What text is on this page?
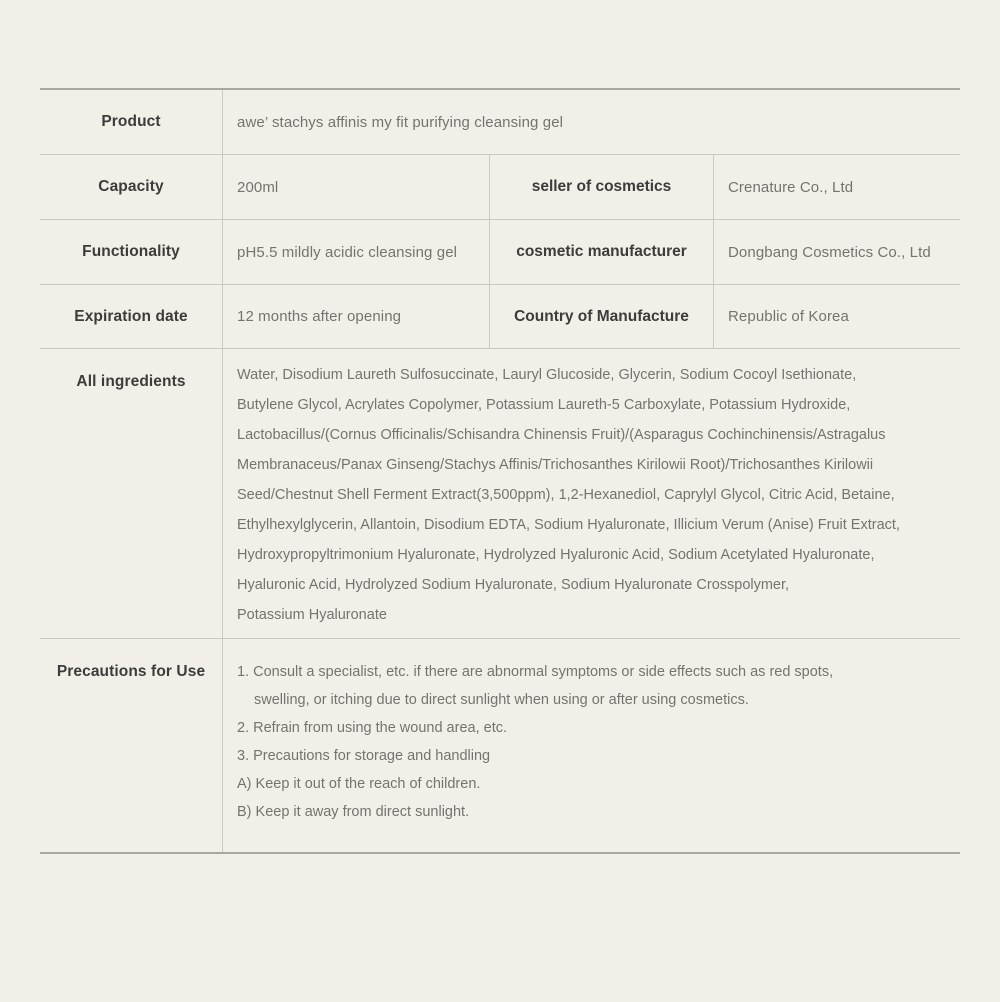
Product	awe’ stachys affinis my fit purifying cleansing gel
Capacity	200ml	seller of cosmetics	Crenature Co., Ltd
Functionality	pH5.5 mildly acidic cleansing gel	cosmetic manufacturer	Dongbang Cosmetics Co., Ltd
Expiration date	12 months after opening	Country of Manufacture	Republic of Korea
All ingredients	Water, Disodium Laureth Sulfosuccinate, Lauryl Glucoside, Glycerin, Sodium Cocoyl Isethionate,
Butylene Glycol, Acrylates Copolymer, Potassium Laureth-5 Carboxylate, Potassium Hydroxide,
Lactobacillus/(Cornus Officinalis/Schisandra Chinensis Fruit)/(Asparagus Cochinchinensis/Astragalus
Membranaceus/Panax Ginseng/Stachys Affinis/Trichosanthes Kirilowii Root)/Trichosanthes Kirilowii
Seed/Chestnut Shell Ferment Extract(3,500ppm), 1,2-Hexanediol, Caprylyl Glycol, Citric Acid, Betaine,
Ethylhexylglycerin, Allantoin, Disodium EDTA, Sodium Hyaluronate, Illicium Verum (Anise) Fruit Extract,
Hydroxypropyltrimonium Hyaluronate, Hydrolyzed Hyaluronic Acid, Sodium Acetylated Hyaluronate,
Hyaluronic Acid, Hydrolyzed Sodium Hyaluronate, Sodium Hyaluronate Crosspolymer,
Potassium Hyaluronate
Precautions for Use	1. Consult a specialist, etc. if there are abnormal symptoms or side effects such as red spots,
swelling, or itching due to direct sunlight when using or after using cosmetics.
2. Refrain from using the wound area, etc.
3. Precautions for storage and handling
A) Keep it out of the reach of children.
B) Keep it away from direct sunlight.
